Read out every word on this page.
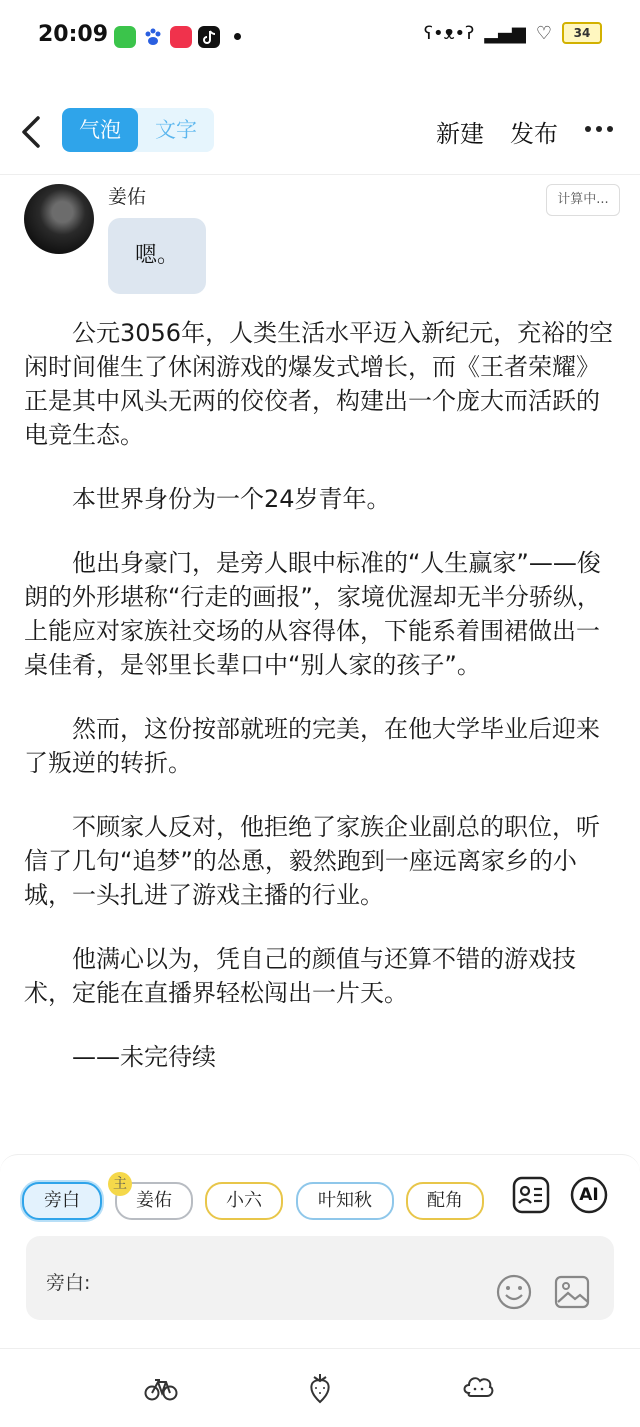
20:09	ʕ•ᴥ•ʔ ▂▄▆ ♡	34
气泡	文字	新建 发布
姜佑
嗯。
计算中...

公元3056年，人类生活水平迈入新纪元，充裕的空闲时间催生了休闲游戏的爆发式增长，而《王者荣耀》正是其中风头无两的佼佼者，构建出一个庞大而活跃的电竞生态。

本世界身份为一个24岁青年。

他出身豪门，是旁人眼中标准的“人生赢家”——俊朗的外形堪称“行走的画报”，家境优渥却无半分骄纵，上能应对家族社交场的从容得体，下能系着围裙做出一桌佳肴，是邻里长辈口中“别人家的孩子”。

然而，这份按部就班的完美，在他大学毕业后迎来了叛逆的转折。

不顾家人反对，他拒绝了家族企业副总的职位，听信了几句“追梦”的怂恿，毅然跑到一座远离家乡的小城，一头扎进了游戏主播的行业。

他满心以为，凭自己的颜值与还算不错的游戏技术，定能在直播界轻松闯出一片天。

——未完待续

旁白	姜佑	小六	叶知秋	配角
主
AI
旁白:
